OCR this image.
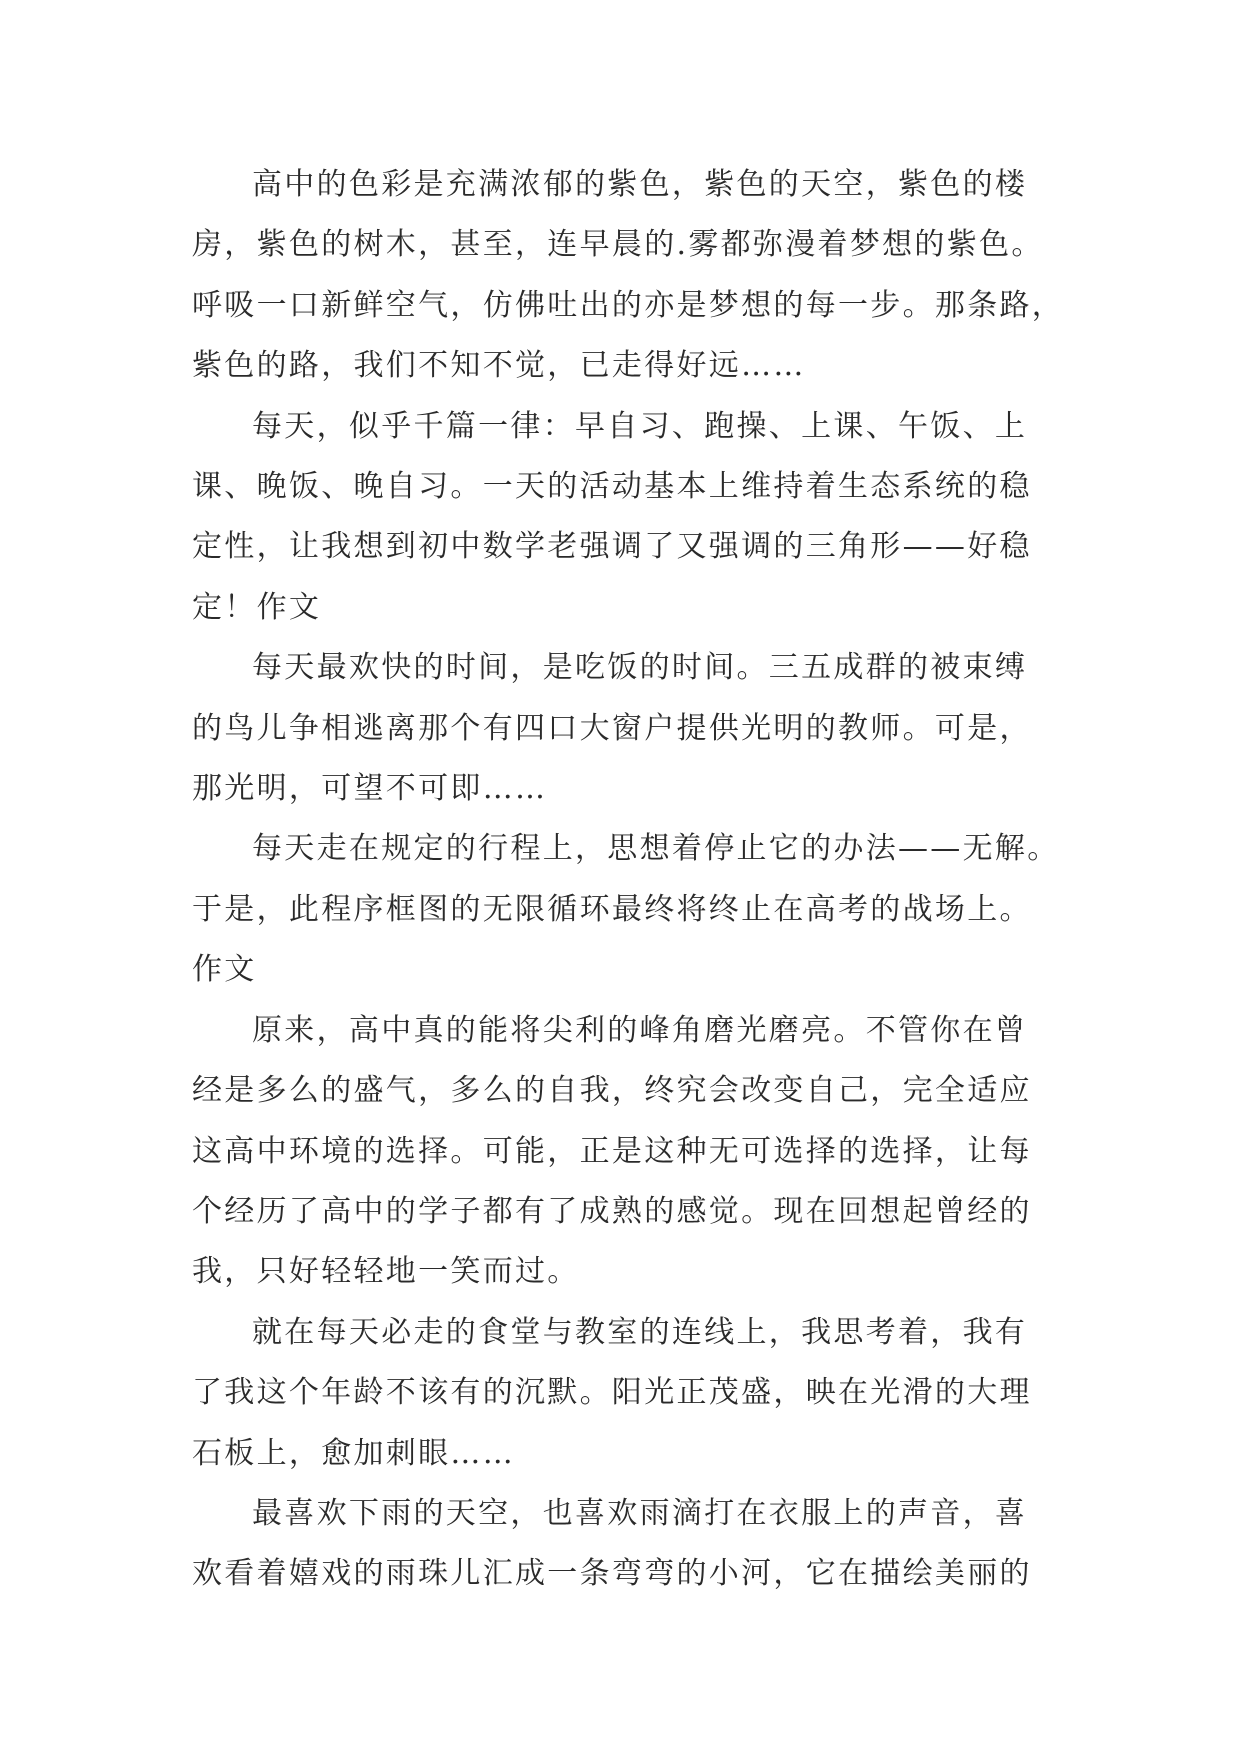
高中的色彩是充满浓郁的紫色，紫色的天空，紫色的楼
房，紫色的树木，甚至，连早晨的.雾都弥漫着梦想的紫色。
呼吸一口新鲜空气，仿佛吐出的亦是梦想的每一步。那条路，
紫色的路，我们不知不觉，已走得好远……

每天，似乎千篇一律：早自习、跑操、上课、午饭、上
课、晚饭、晚自习。一天的活动基本上维持着生态系统的稳
定性，让我想到初中数学老强调了又强调的三角形——好稳
定！作文

每天最欢快的时间，是吃饭的时间。三五成群的被束缚
的鸟儿争相逃离那个有四口大窗户提供光明的教师。可是，
那光明，可望不可即……

每天走在规定的行程上，思想着停止它的办法——无解。
于是，此程序框图的无限循环最终将终止在高考的战场上。
作文

原来，高中真的能将尖利的峰角磨光磨亮。不管你在曾
经是多么的盛气，多么的自我，终究会改变自己，完全适应
这高中环境的选择。可能，正是这种无可选择的选择，让每
个经历了高中的学子都有了成熟的感觉。现在回想起曾经的
我，只好轻轻地一笑而过。

就在每天必走的食堂与教室的连线上，我思考着，我有
了我这个年龄不该有的沉默。阳光正茂盛，映在光滑的大理
石板上，愈加刺眼……

最喜欢下雨的天空，也喜欢雨滴打在衣服上的声音，喜
欢看着嬉戏的雨珠儿汇成一条弯弯的小河，它在描绘美丽的
